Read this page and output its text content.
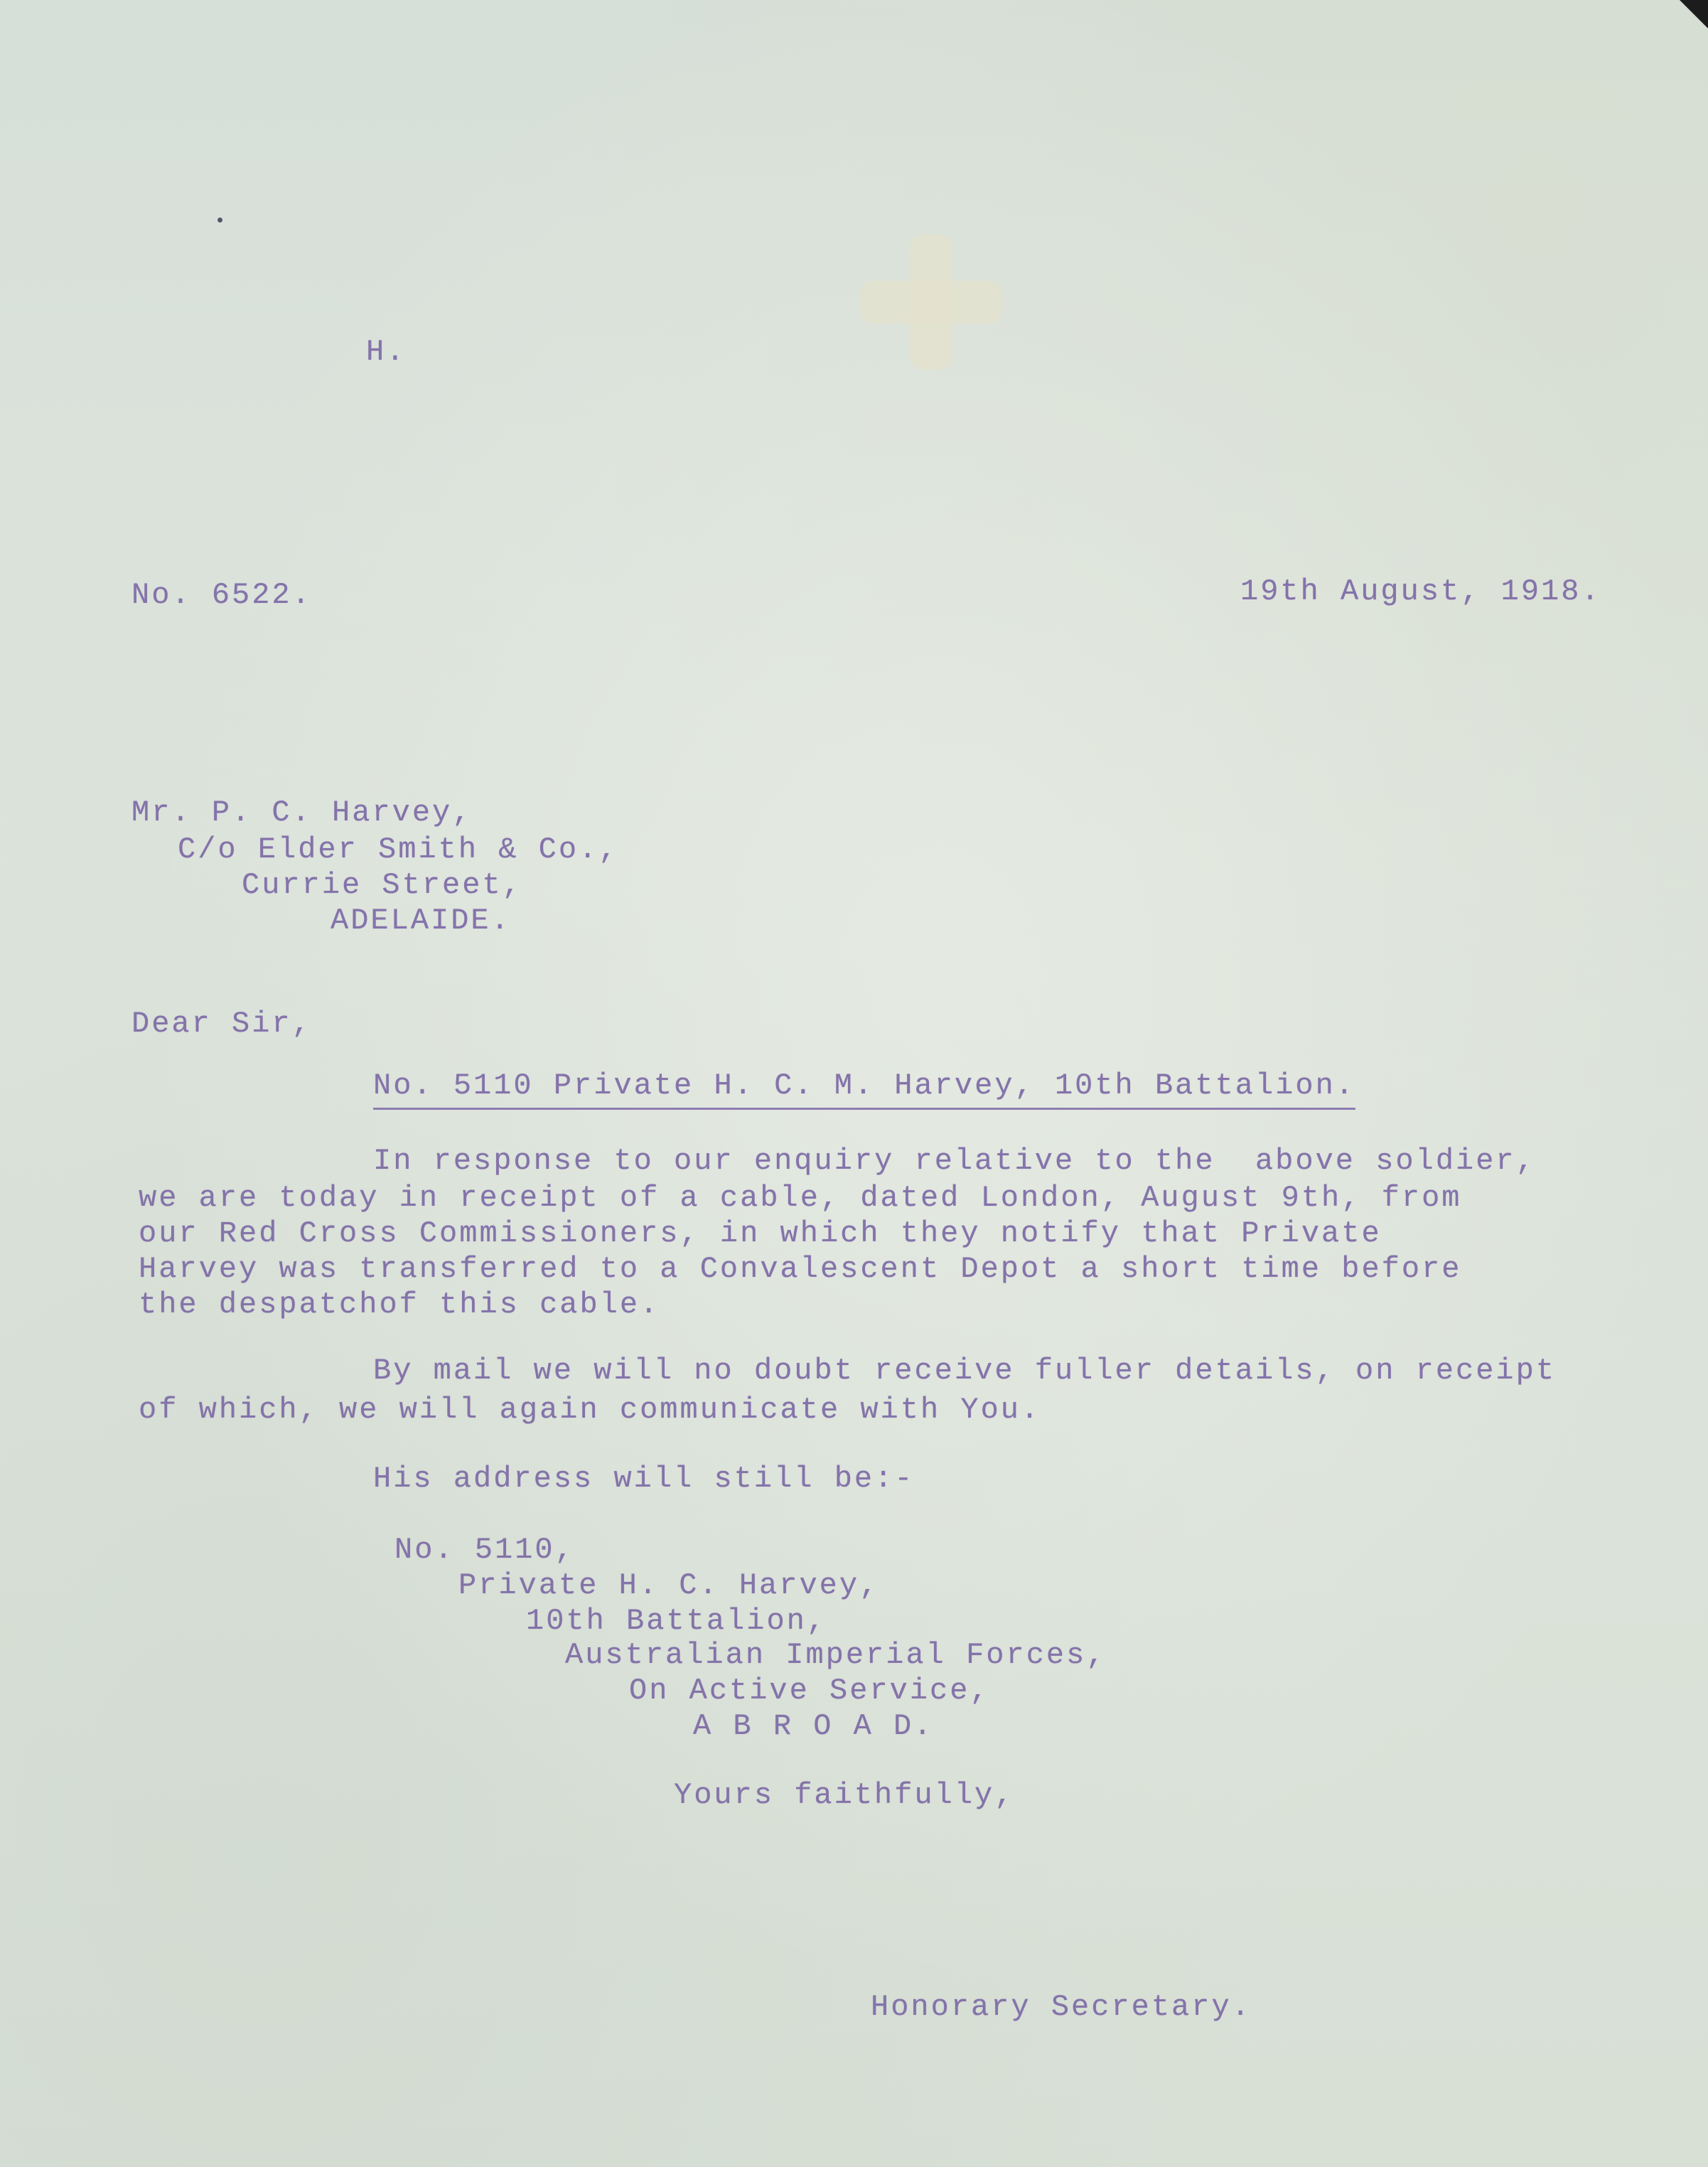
H.
No. 6522.	19th August, 1918.
Mr. P. C. Harvey,
C/o Elder Smith & Co.,
Currie Street,
ADELAIDE.
Dear Sir,
No. 5110 Private H. C. M. Harvey, 10th Battalion.
In response to our enquiry relative to the  above soldier,
we are today in receipt of a cable, dated London, August 9th, from
our Red Cross Commissioners, in which they notify that Private
Harvey was transferred to a Convalescent Depot a short time before
the despatchof this cable.
By mail we will no doubt receive fuller details, on receipt
of which, we will again communicate with You.
His address will still be:-
No. 5110,
Private H. C. Harvey,
10th Battalion,
Australian Imperial Forces,
On Active Service,
A B R O A D.
Yours faithfully,
Honorary Secretary.
